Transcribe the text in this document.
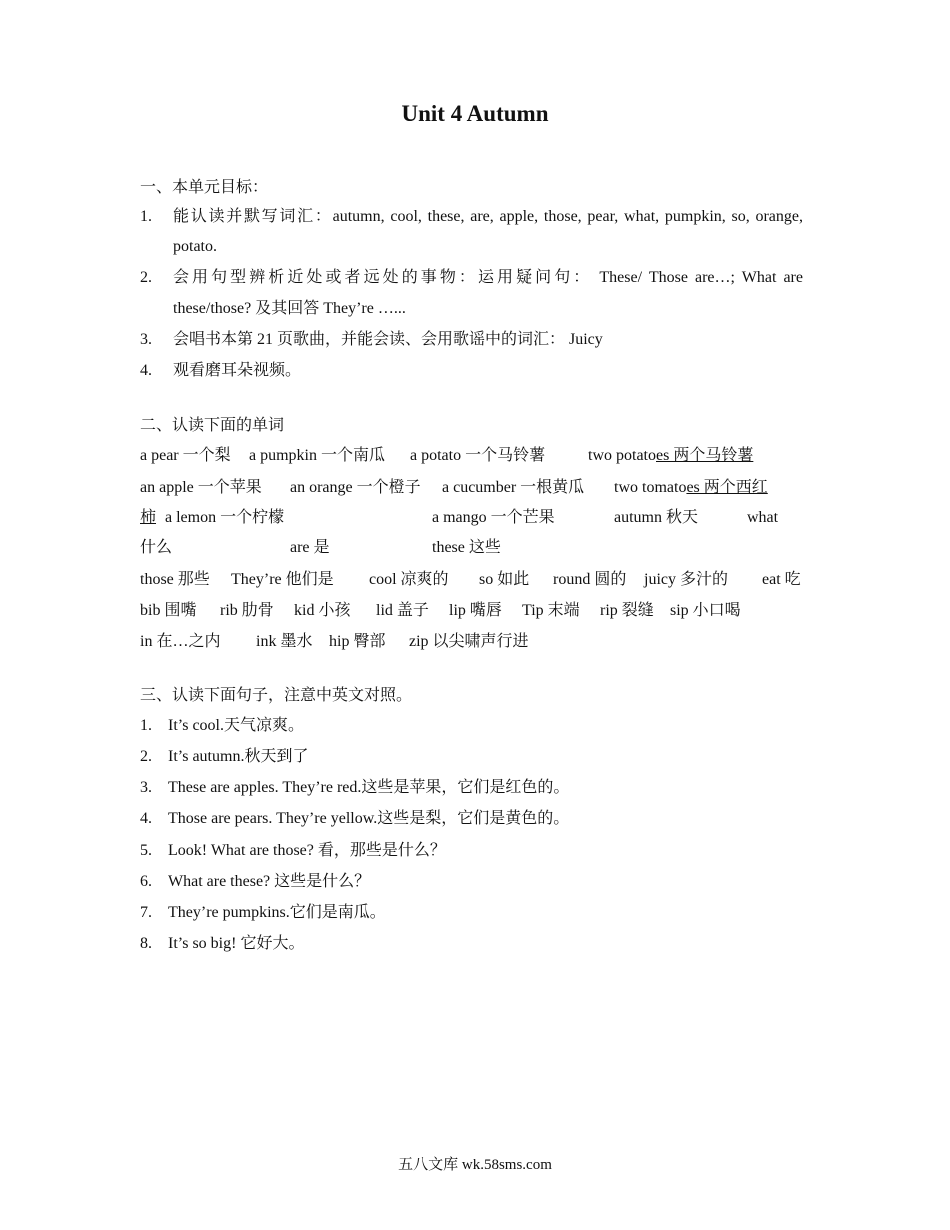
Unit 4 Autumn
一、本单元目标：
1. 能认读并默写词汇：autumn, cool, these, are, apple, those, pear, what, pumpkin, so, orange,
potato.
2. 会用句型辨析近处或者远处的事物：运用疑问句： These/ Those are…; What are
these/those? 及其回答 They’re …...
3. 会唱书本第 21 页歌曲，并能会读、会用歌谣中的词汇： Juicy
4. 观看磨耳朵视频。
二、认读下面的单词
a pear 一个梨 a pumpkin 一个南瓜 a potato 一个马铃薯	two potatoes 两个马铃薯
an apple 一个苹果 an orange 一个橙子 a cucumber 一根黄瓜 two tomatoes 两个西红
柿 a lemon 一个柠檬	a mango 一个芒果	autumn 秋天	what
什么	are 是	these 这些
those 那些 They’re 他们是 cool 凉爽的 so 如此 round 圆的 juicy 多汁的 eat 吃
bib 围嘴 rib 肋骨 kid 小孩 lid 盖子 lip 嘴唇 Tip 末端 rip 裂缝 sip 小口喝
in 在…之内 ink 墨水 hip 臀部 zip 以尖啸声行进
三、认读下面句子，注意中英文对照。
1. It’s cool.天气凉爽。
2. It’s autumn.秋天到了
3. These are apples. They’re red.这些是苹果，它们是红色的。
4. Those are pears. They’re yellow.这些是梨，它们是黄色的。
5. Look! What are those? 看，那些是什么？
6. What are these? 这些是什么？
7. They’re pumpkins.它们是南瓜。
8. It’s so big! 它好大。
五八文库 wk.58sms.com
